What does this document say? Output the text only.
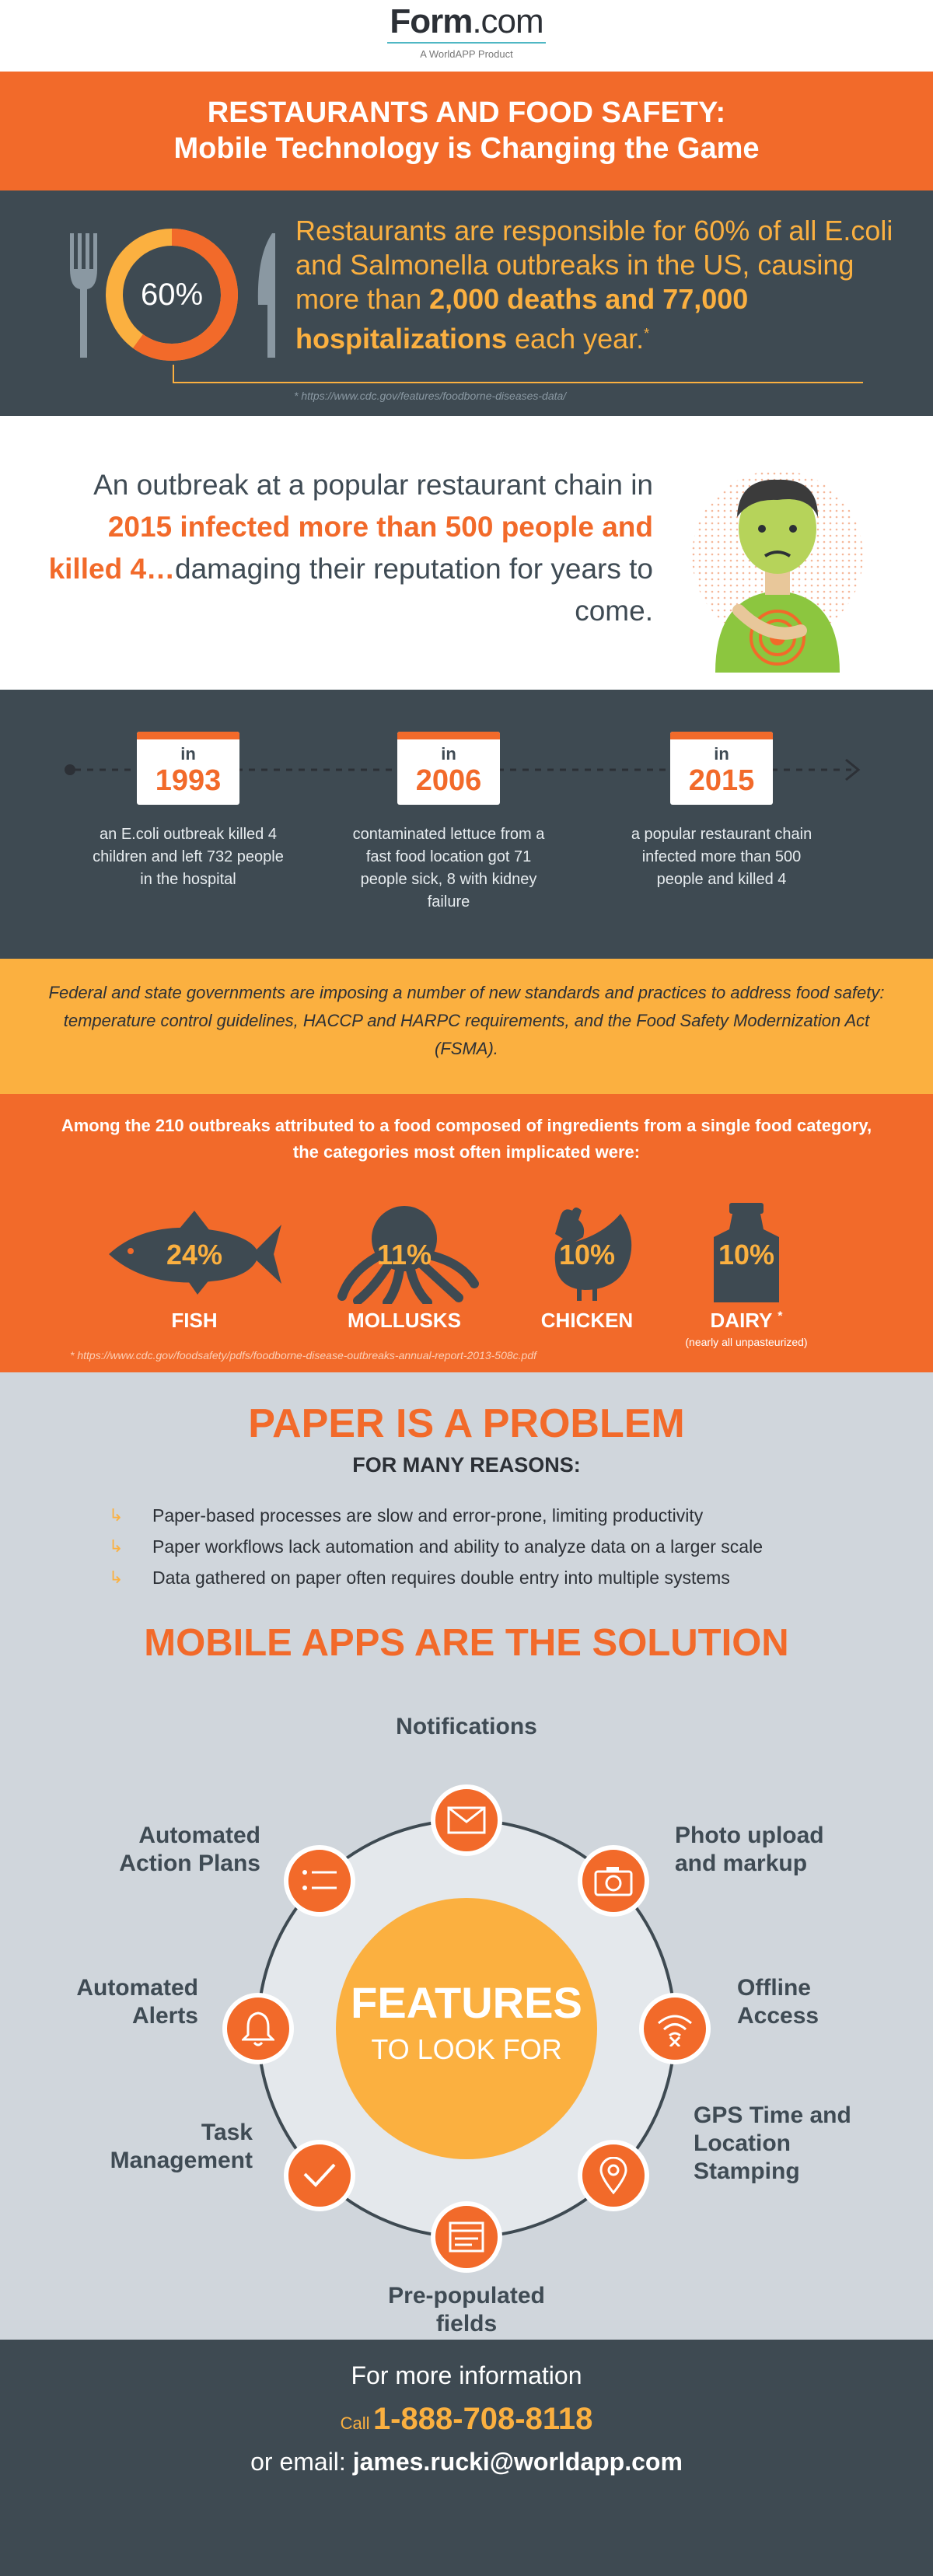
Form.com
A WorldAPP Product
RESTAURANTS AND FOOD SAFETY:
Mobile Technology is Changing the Game
60%
Restaurants are responsible for 60% of all E.coli and Salmonella outbreaks in the US, causing more than 2,000 deaths and 77,000 hospitalizations each year.*
* https://www.cdc.gov/features/foodborne-diseases-data/
An outbreak at a popular restaurant chain in 2015 infected more than 500 people and killed 4…damaging their reputation for years to come.
in
1993
an E.coli outbreak killed 4 children and left 732 people in the hospital
in
2006
contaminated lettuce from a fast food location got 71 people sick, 8 with kidney failure
in
2015
a popular restaurant chain infected more than 500 people and killed 4

Federal and state governments are imposing a number of new standards and practices to address food safety: temperature control guidelines, HACCP and HARPC requirements, and the Food Safety Modernization Act (FSMA).

Among the 210 outbreaks attributed to a food composed of ingredients from a single food category, the categories most often implicated were:
24%
FISH
11%
MOLLUSKS
10%
CHICKEN
10%
DAIRY *
(nearly all unpasteurized)
* https://www.cdc.gov/foodsafety/pdfs/foodborne-disease-outbreaks-annual-report-2013-508c.pdf
PAPER IS A PROBLEM
FOR MANY REASONS:
↳	Paper-based processes are slow and error-prone, limiting productivity
↳	Paper workflows lack automation and ability to analyze data on a larger scale
↳	Data gathered on paper often requires double entry into multiple systems
MOBILE APPS ARE THE SOLUTION
FEATURES
TO LOOK FOR
Notifications
Photo upload and markup
Offline Access
GPS Time and Location Stamping
Pre-populated fields
Task Management
Automated Alerts
Automated Action Plans
For more information
Call 1-888-708-8118
or email: james.rucki@worldapp.com
